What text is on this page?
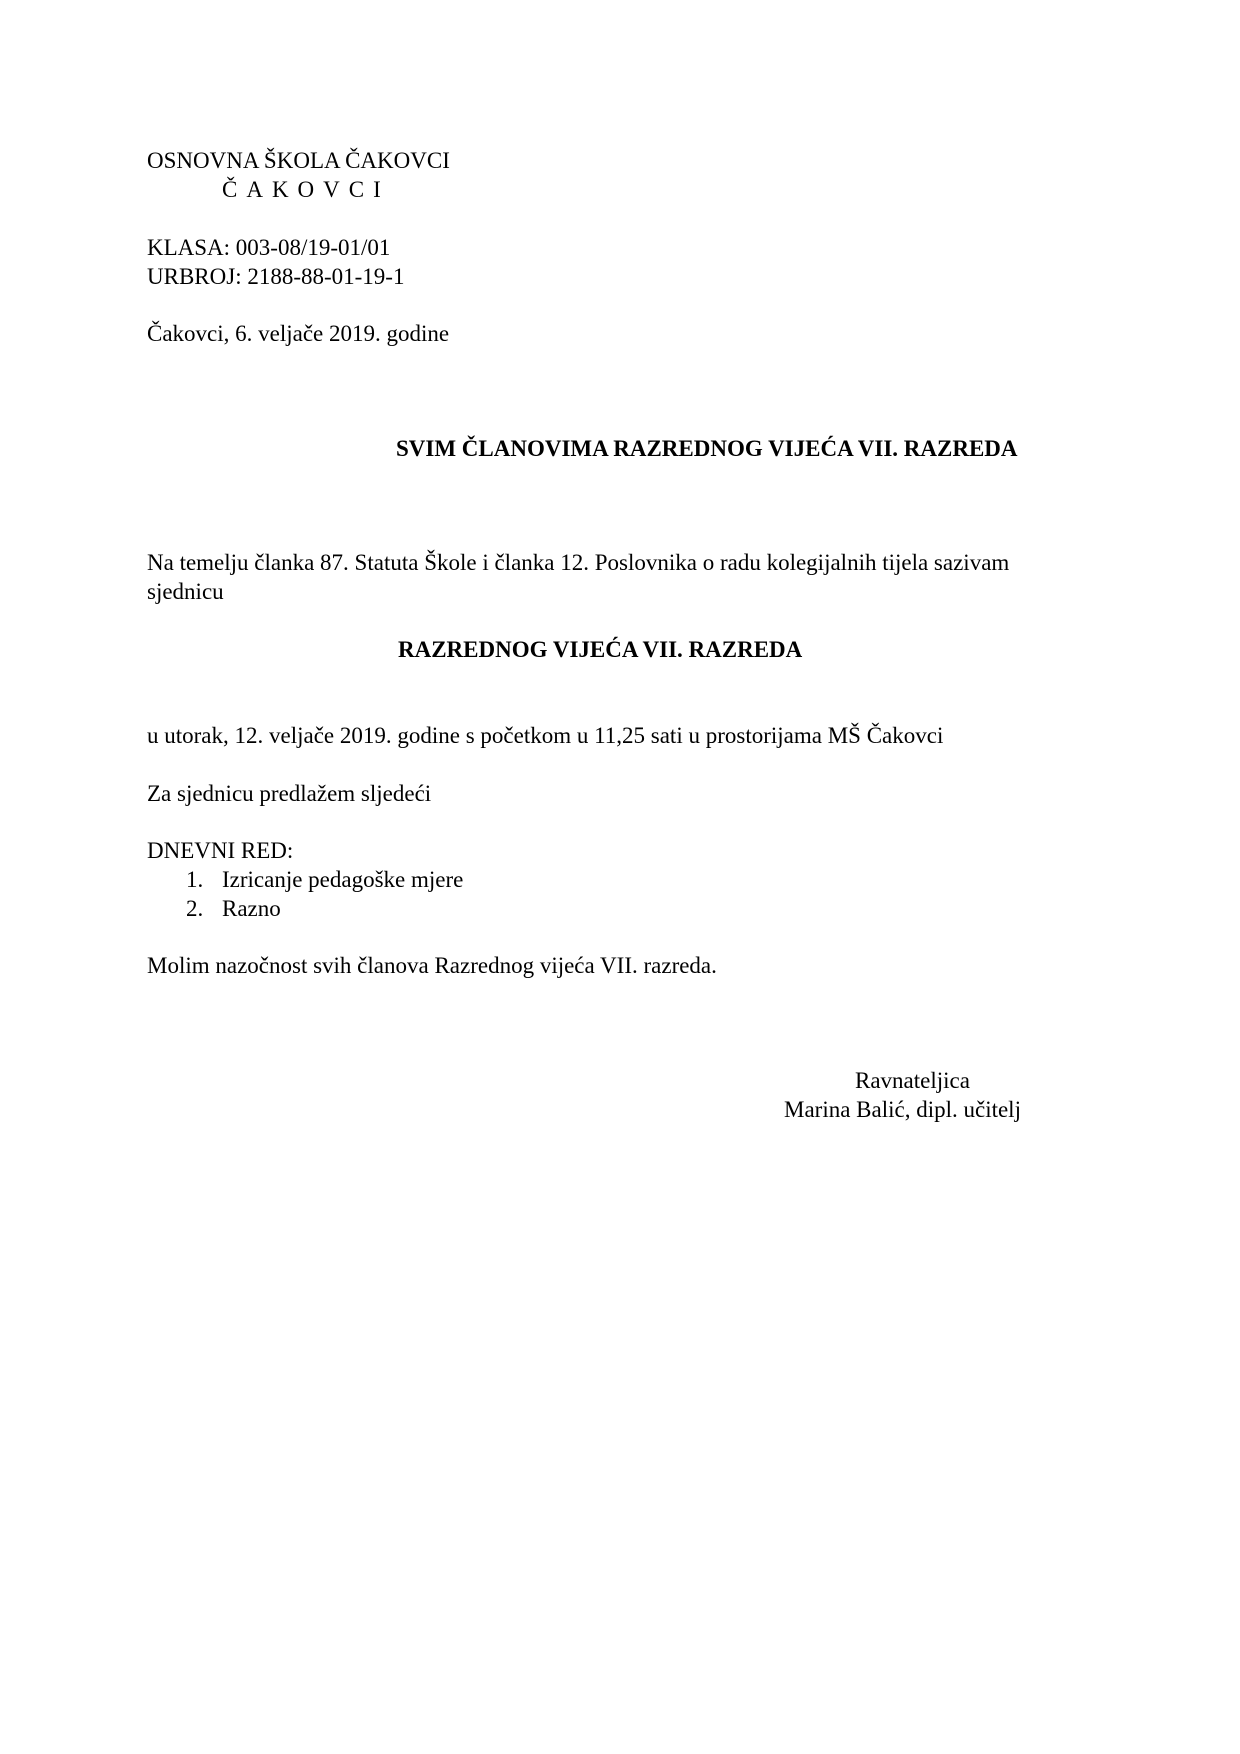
OSNOVNA ŠKOLA ČAKOVCI
ČAKOVCI
KLASA: 003-08/19-01/01
URBROJ: 2188-88-01-19-1
Čakovci, 6. veljače 2019. godine
SVIM ČLANOVIMA RAZREDNOG VIJEĆA VII. RAZREDA
Na temelju članka 87. Statuta Škole i članka 12. Poslovnika o radu kolegijalnih tijela sazivam
sjednicu
RAZREDNOG VIJEĆA VII. RAZREDA
u utorak, 12. veljače 2019. godine s početkom u 11,25 sati u prostorijama MŠ Čakovci
Za sjednicu predlažem sljedeći
DNEVNI RED:
1. Izricanje pedagoške mjere
2. Razno
Molim nazočnost svih članova Razrednog vijeća VII. razreda.
Ravnateljica
Marina Balić, dipl. učitelj
